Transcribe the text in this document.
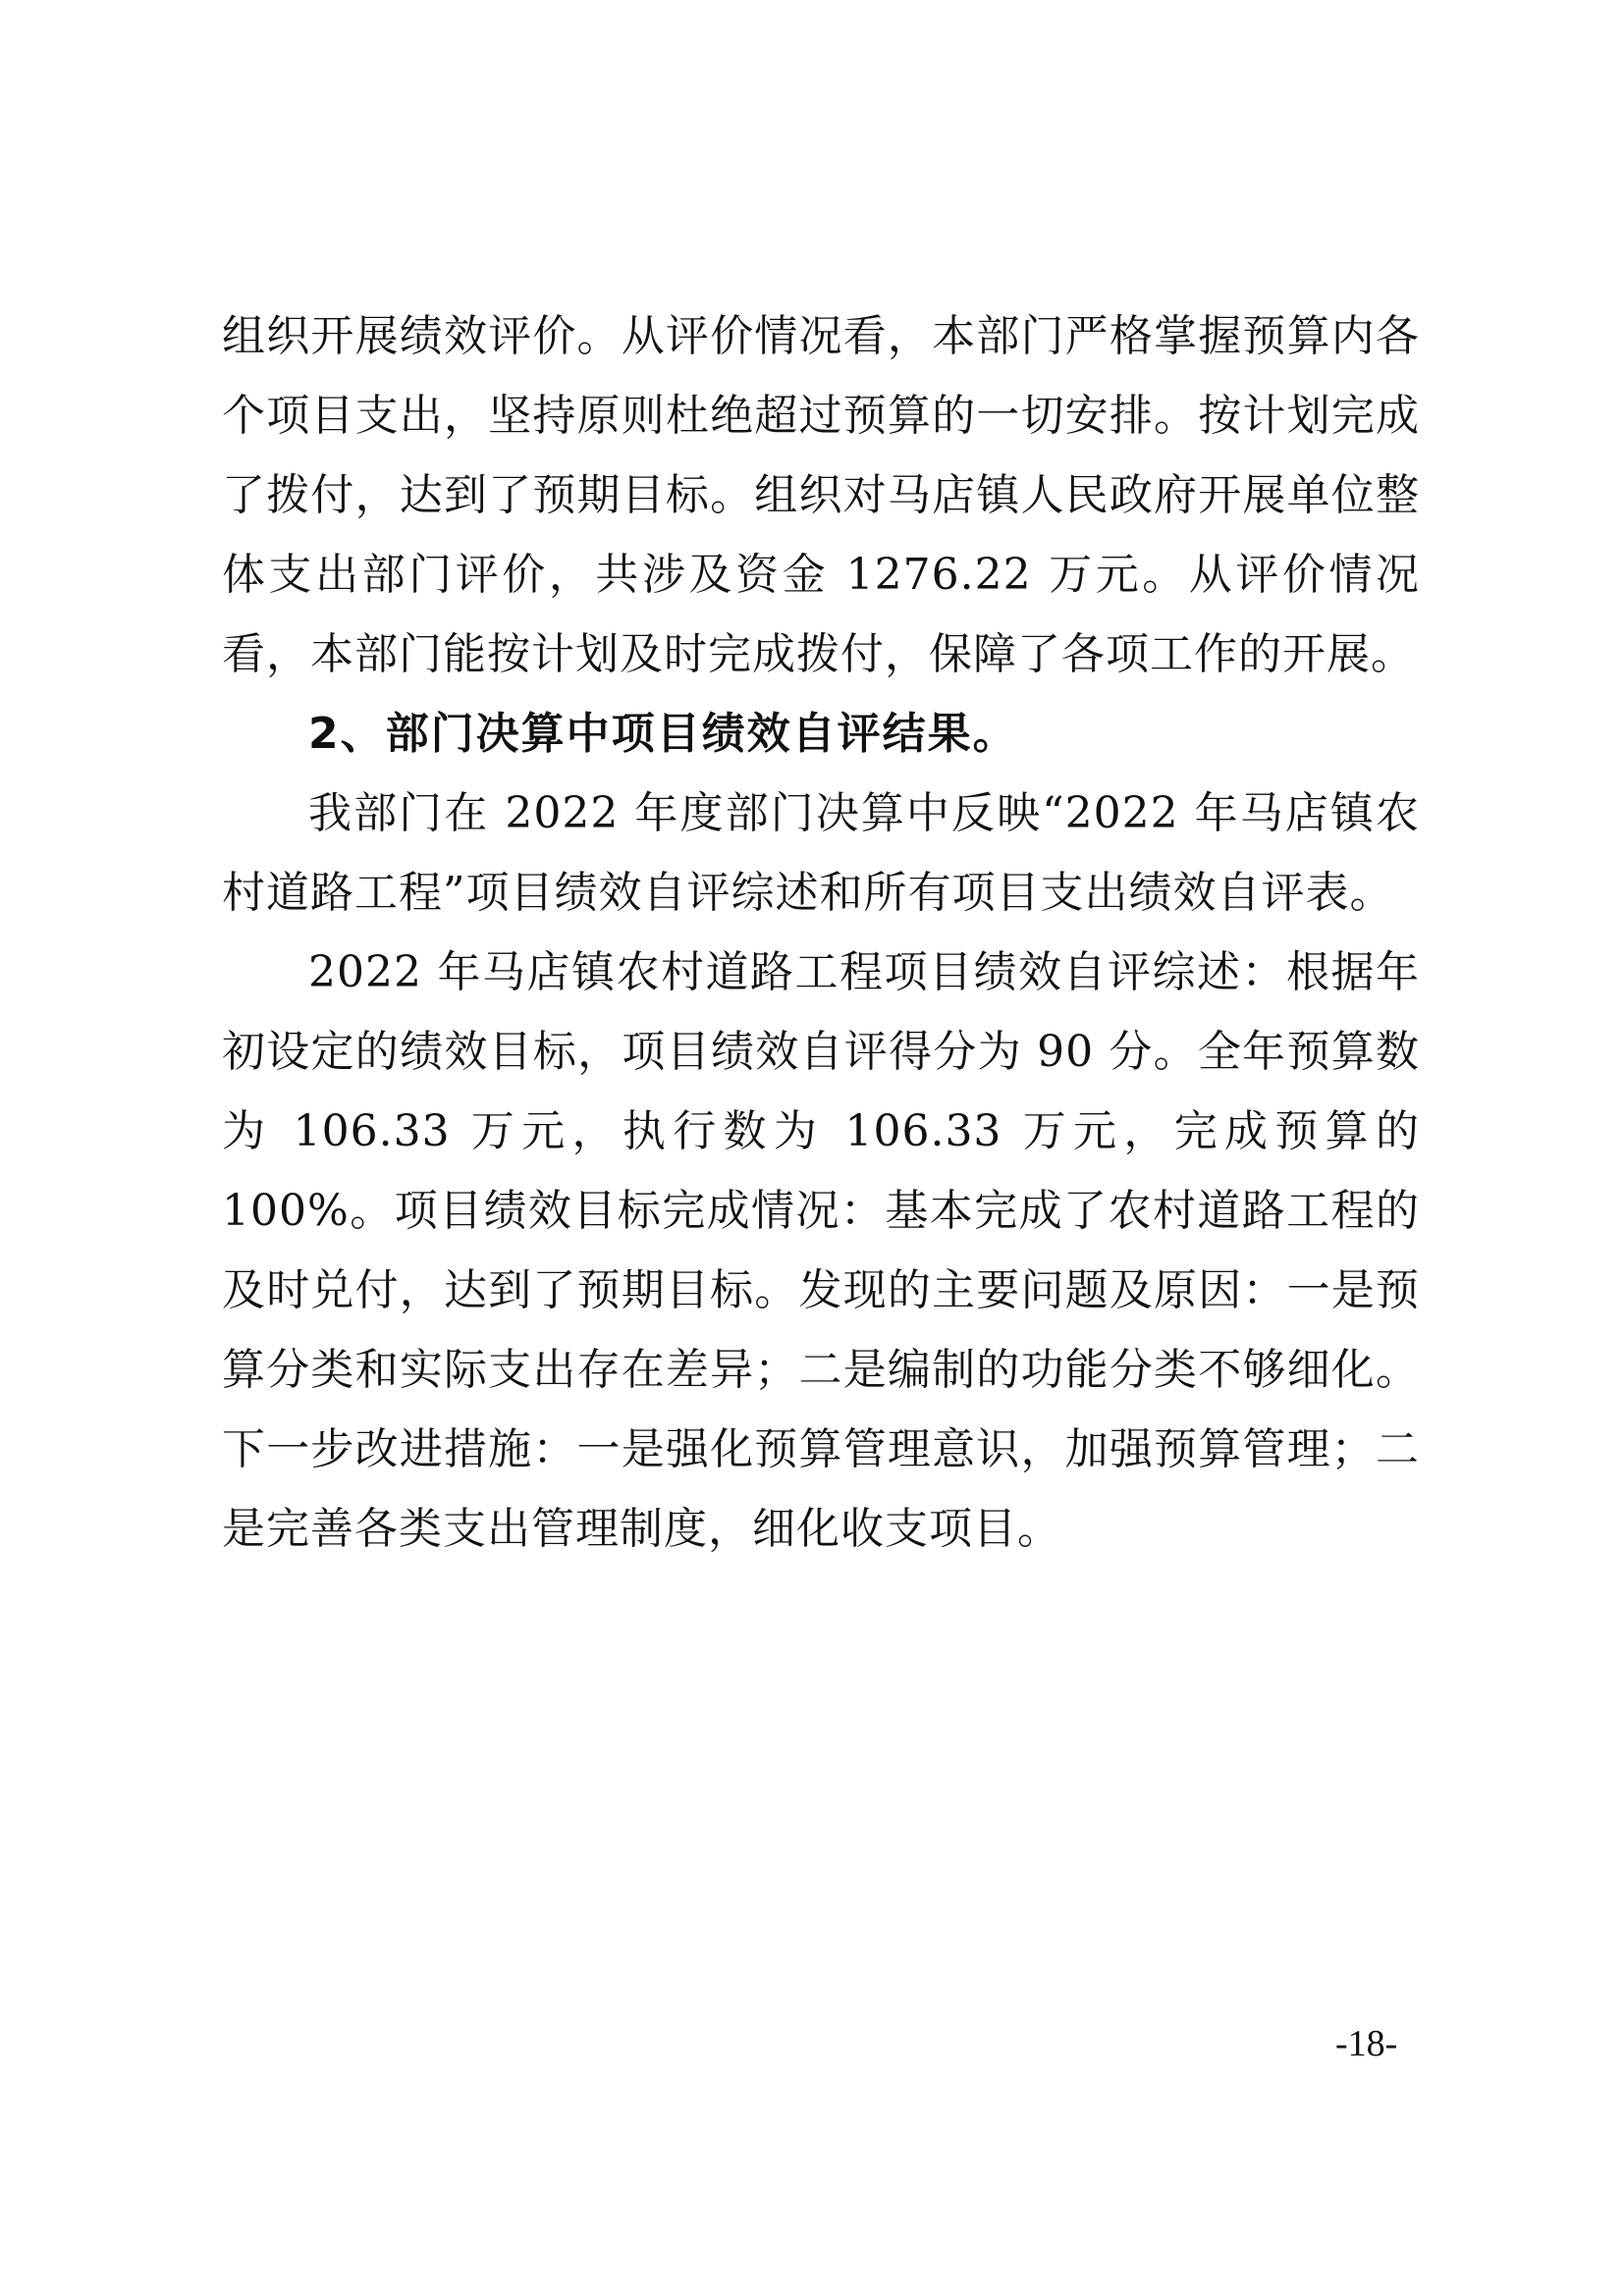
组织开展绩效评价。从评价情况看，本部门严格掌握预算内各个项目支出，坚持原则杜绝超过预算的一切安排。按计划完成了拨付，达到了预期目标。组织对马店镇人民政府开展单位整体支出部门评价，共涉及资金 1276.22 万元。从评价情况看，本部门能按计划及时完成拨付，保障了各项工作的开展。

2、部门决算中项目绩效自评结果。

我部门在 2022 年度部门决算中反映“2022 年马店镇农村道路工程”项目绩效自评综述和所有项目支出绩效自评表。

2022 年马店镇农村道路工程项目绩效自评综述：根据年初设定的绩效目标，项目绩效自评得分为 90 分。全年预算数为 106.33 万元，执行数为 106.33 万元，完成预算的 100%。项目绩效目标完成情况：基本完成了农村道路工程的及时兑付，达到了预期目标。发现的主要问题及原因：一是预算分类和实际支出存在差异；二是编制的功能分类不够细化。下一步改进措施：一是强化预算管理意识，加强预算管理；二是完善各类支出管理制度，细化收支项目。

-18-
